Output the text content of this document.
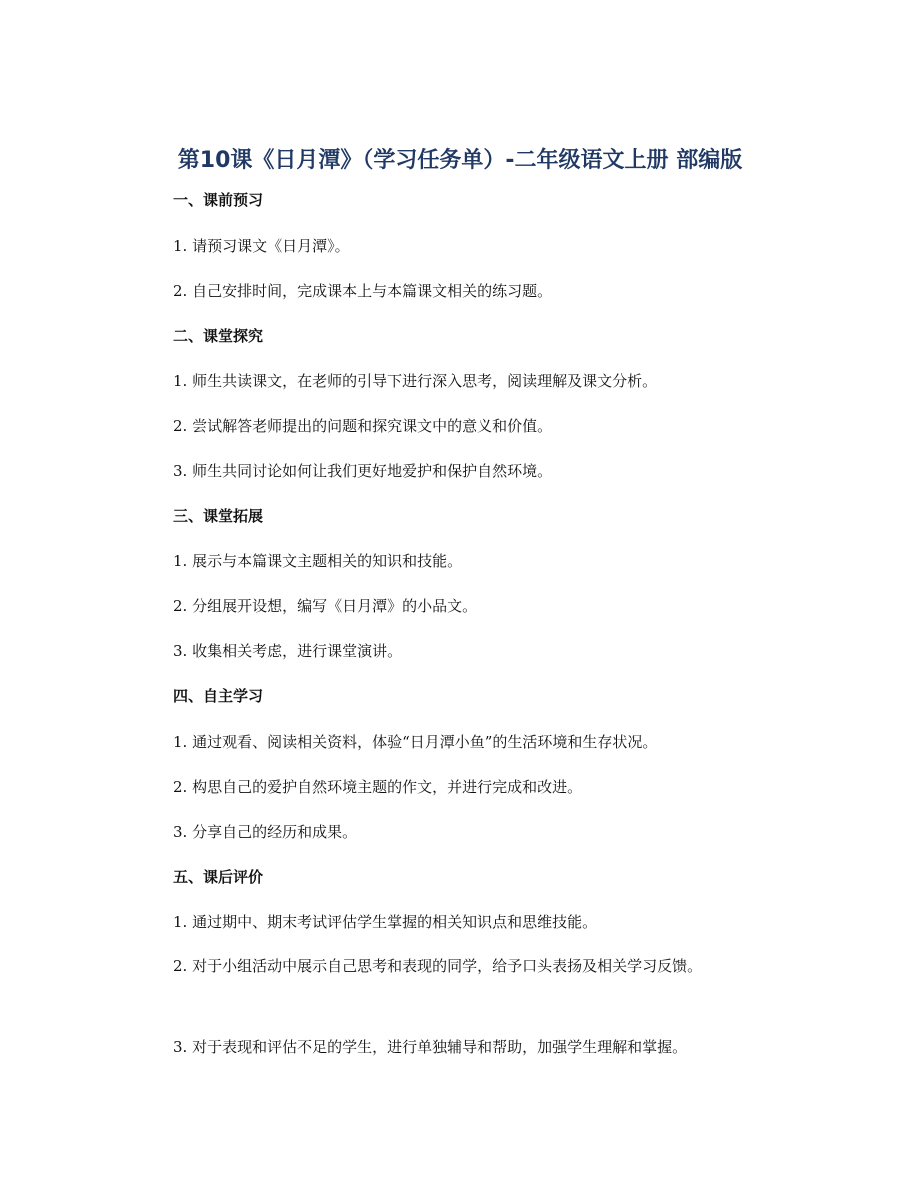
第10课《日月潭》（学习任务单）-二年级语文上册 部编版
一、课前预习
1. 请预习课文《日月潭》。
2. 自己安排时间，完成课本上与本篇课文相关的练习题。
二、课堂探究
1. 师生共读课文，在老师的引导下进行深入思考，阅读理解及课文分析。
2. 尝试解答老师提出的问题和探究课文中的意义和价值。
3. 师生共同讨论如何让我们更好地爱护和保护自然环境。
三、课堂拓展
1. 展示与本篇课文主题相关的知识和技能。
2. 分组展开设想，编写《日月潭》的小品文。
3. 收集相关考虑，进行课堂演讲。
四、自主学习
1. 通过观看、阅读相关资料，体验“日月潭小鱼”的生活环境和生存状况。
2. 构思自己的爱护自然环境主题的作文，并进行完成和改进。
3. 分享自己的经历和成果。
五、课后评价
1. 通过期中、期末考试评估学生掌握的相关知识点和思维技能。
2. 对于小组活动中展示自己思考和表现的同学，给予口头表扬及相关学习反馈。
3. 对于表现和评估不足的学生，进行单独辅导和帮助，加强学生理解和掌握。
